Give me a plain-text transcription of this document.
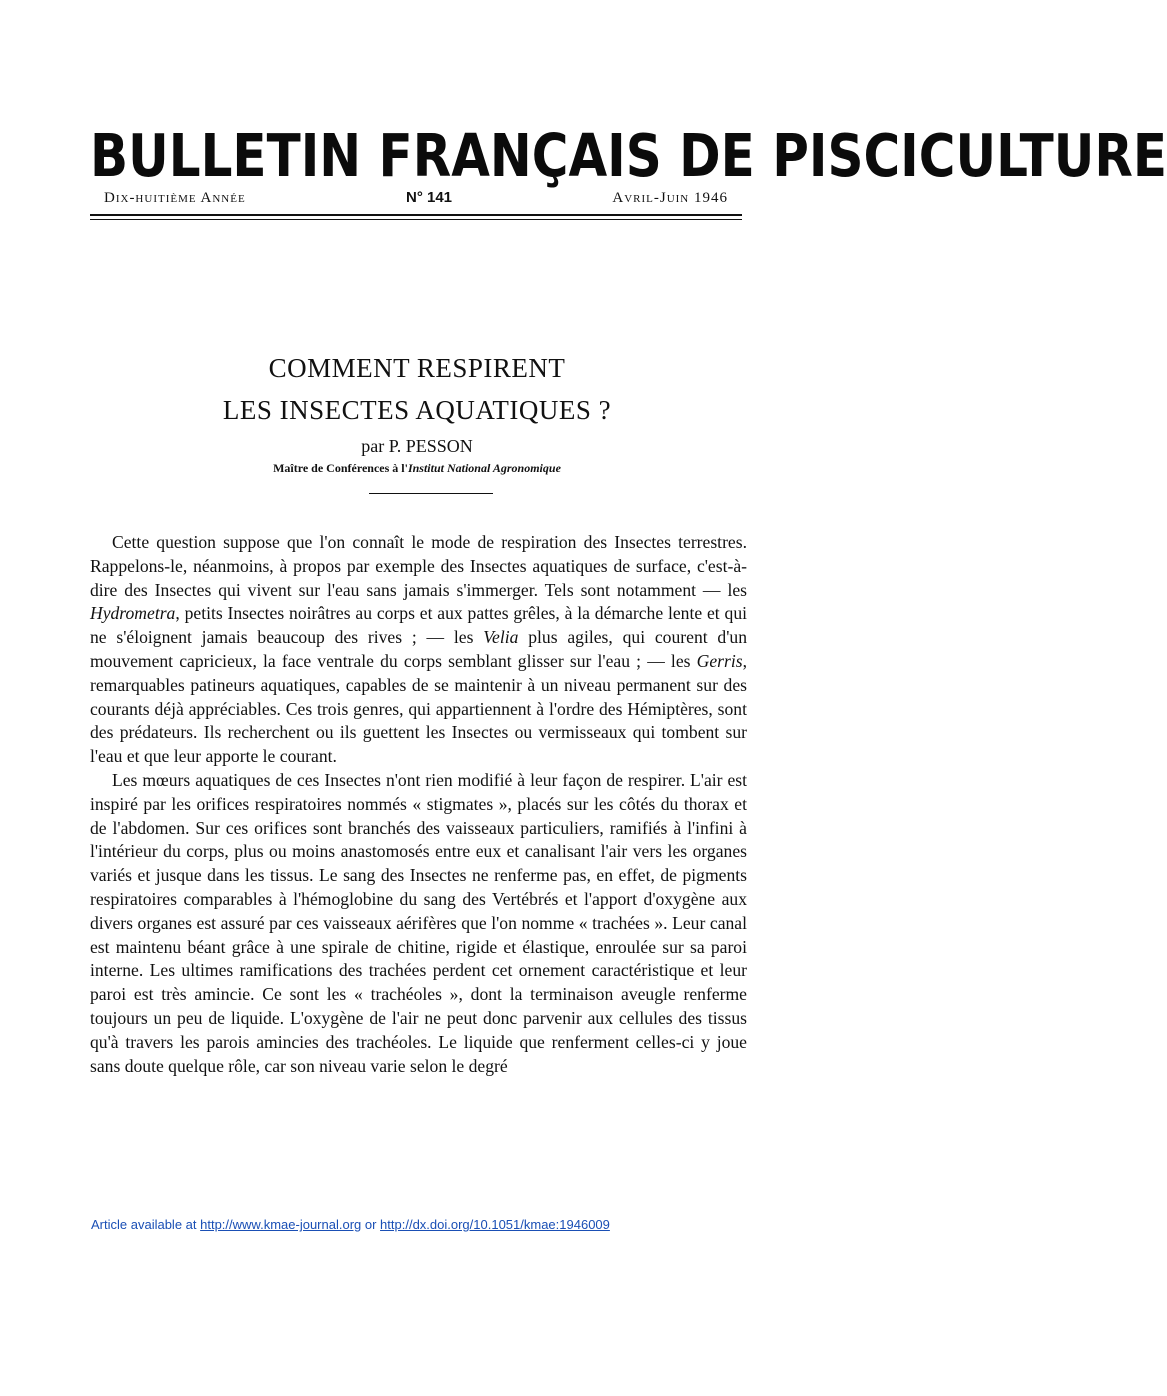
BULLETIN FRANÇAIS DE PISCICULTURE
Dix-huitième Année	N° 141	Avril-Juin 1946
COMMENT RESPIRENT
LES INSECTES AQUATIQUES ?
par P. PESSON
Maître de Conférences à l'Institut National Agronomique

Cette question suppose que l'on connaît le mode de respiration des Insectes terrestres. Rappelons-le, néanmoins, à propos par exemple des Insectes aquatiques de surface, c'est-à-dire des Insectes qui vivent sur l'eau sans jamais s'immerger. Tels sont notamment — les Hydrometra, petits Insectes noirâtres au corps et aux pattes grêles, à la démarche lente et qui ne s'éloignent jamais beaucoup des rives ; — les Velia plus agiles, qui courent d'un mouvement capricieux, la face ventrale du corps semblant glisser sur l'eau ; — les Gerris, remarquables patineurs aquatiques, capables de se maintenir à un niveau permanent sur des courants déjà appréciables. Ces trois genres, qui appartiennent à l'ordre des Hémiptères, sont des prédateurs. Ils recherchent ou ils guettent les Insectes ou vermisseaux qui tombent sur l'eau et que leur apporte le courant.

Les mœurs aquatiques de ces Insectes n'ont rien modifié à leur façon de respirer. L'air est inspiré par les orifices respiratoires nommés « stigmates », placés sur les côtés du thorax et de l'abdomen. Sur ces orifices sont branchés des vaisseaux particuliers, ramifiés à l'infini à l'intérieur du corps, plus ou moins anastomosés entre eux et canalisant l'air vers les organes variés et jusque dans les tissus. Le sang des Insectes ne renferme pas, en effet, de pigments respiratoires comparables à l'hémoglobine du sang des Vertébrés et l'apport d'oxygène aux divers organes est assuré par ces vaisseaux aérifères que l'on nomme « trachées ». Leur canal est maintenu béant grâce à une spirale de chitine, rigide et élastique, enroulée sur sa paroi interne. Les ultimes ramifications des trachées perdent cet ornement caractéristique et leur paroi est très amincie. Ce sont les « trachéoles », dont la terminaison aveugle renferme toujours un peu de liquide. L'oxygène de l'air ne peut donc parvenir aux cellules des tissus qu'à travers les parois amincies des trachéoles. Le liquide que renferment celles-ci y joue sans doute quelque rôle, car son niveau varie selon le degré

Article available at http://www.kmae-journal.org or http://dx.doi.org/10.1051/kmae:1946009
